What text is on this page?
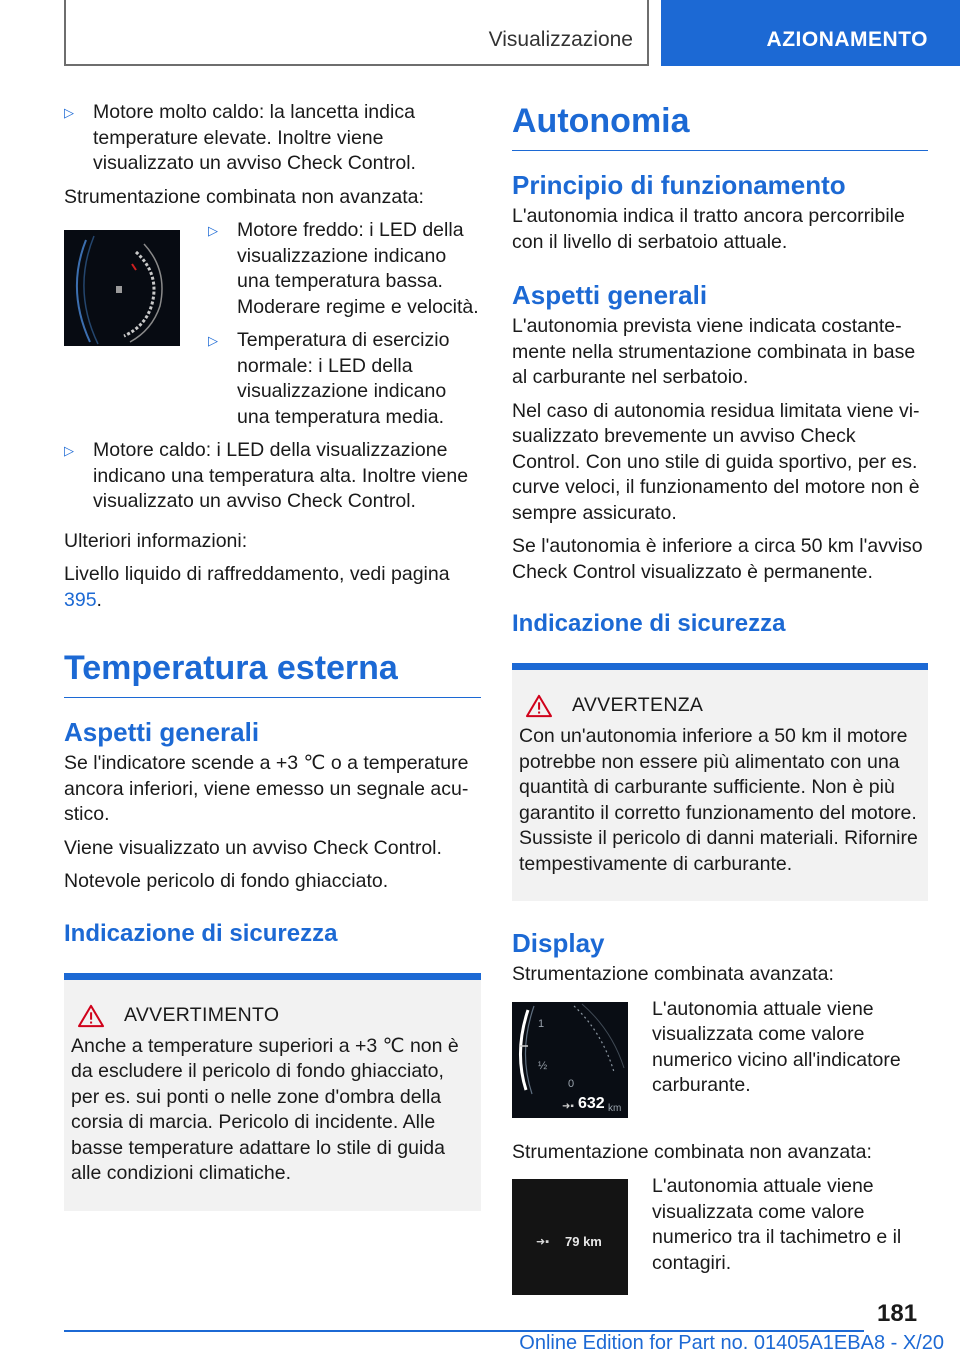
Visualizzazione	AZIONAMENTO
▷ Motore molto caldo: la lancetta indica temperature elevate. Inoltre viene visualizzato un avviso Check Control.
Strumentazione combinata non avanzata:
▷ Motore freddo: i LED della visualizzazione indicano una temperatura bassa. Moderare regime e velocità.
▷ Temperatura di esercizio normale: i LED della visualizzazione indicano una temperatura media.
▷ Motore caldo: i LED della visualizzazione indicano una temperatura alta. Inoltre viene visualizzato un avviso Check Control.
Ulteriori informazioni:
Livello liquido di raffreddamento, vedi pagina 395.
Temperatura esterna
Aspetti generali
Se l'indicatore scende a +3 ℃ o a temperature ancora inferiori, viene emesso un segnale acustico.
Viene visualizzato un avviso Check Control.
Notevole pericolo di fondo ghiacciato.
Indicazione di sicurezza
AVVERTIMENTO
Anche a temperature superiori a +3 ℃ non è da escludere il pericolo di fondo ghiacciato, per es. sui ponti o nelle zone d'ombra della corsia di marcia. Pericolo di incidente. Alle basse temperature adattare lo stile di guida alle condizioni climatiche.
Autonomia
Principio di funzionamento
L'autonomia indica il tratto ancora percorribile con il livello di serbatoio attuale.
Aspetti generali
L'autonomia prevista viene indicata costantemente nella strumentazione combinata in base al carburante nel serbatoio.
Nel caso di autonomia residua limitata viene visualizzato brevemente un avviso Check Control. Con uno stile di guida sportivo, per es. curve veloci, il funzionamento del motore non è sempre assicurato.
Se l'autonomia è inferiore a circa 50 km l'avviso Check Control visualizzato è permanente.
Indicazione di sicurezza
AVVERTENZA
Con un'autonomia inferiore a 50 km il motore potrebbe non essere più alimentato con una quantità di carburante sufficiente. Non è più garantito il corretto funzionamento del motore. Sussiste il pericolo di danni materiali. Rifornire tempestivamente di carburante.
Display
Strumentazione combinata avanzata:
1
½
0
➜▪ 632 km
L'autonomia attuale viene visualizzata come valore numerico vicino all'indicatore carburante.
Strumentazione combinata non avanzata:
➜▪ 79 km
L'autonomia attuale viene visualizzata come valore numerico tra il tachimetro e il contagiri.
181
Online Edition for Part no. 01405A1EBA8 - X/20
